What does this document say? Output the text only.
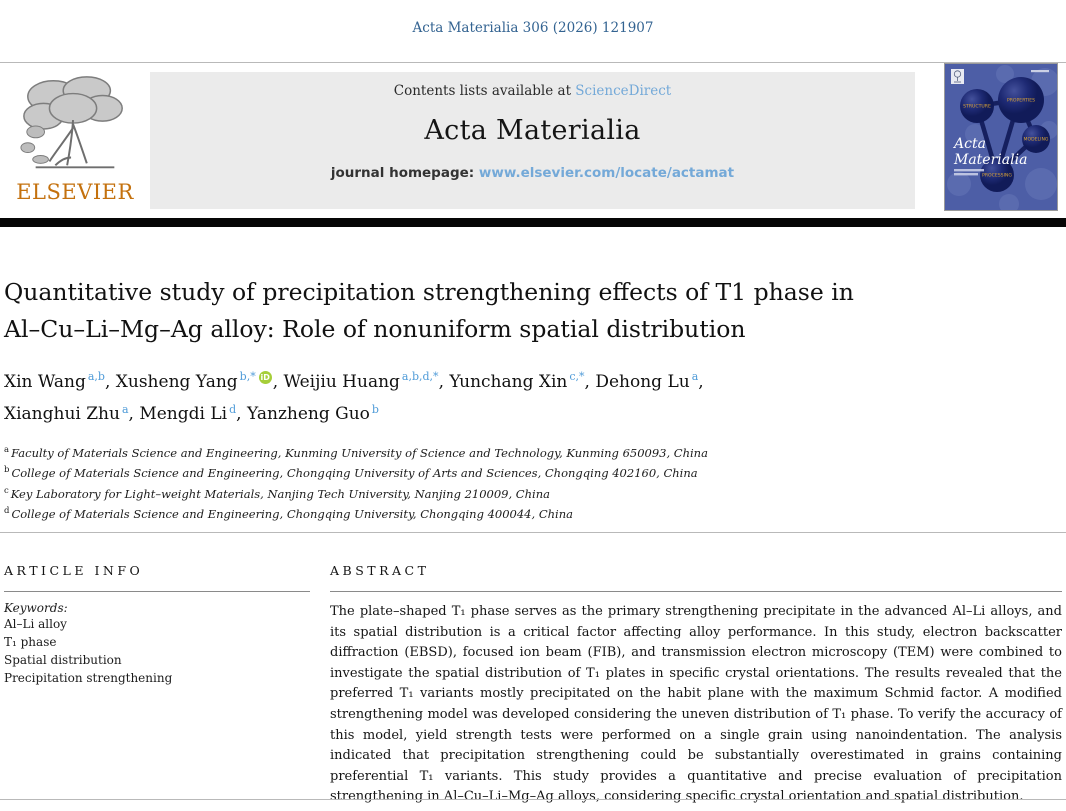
Acta Materialia 306 (2026) 121907
ELSEVIER
Contents lists available at ScienceDirect
Acta Materialia
journal homepage: www.elsevier.com/locate/actamat
STRUCTURE
PROPERTIES
MODELING
PROCESSING
Acta
Materialia
Quantitative study of precipitation strengthening effects of T1 phase in
Al–Cu–Li–Mg–Ag alloy: Role of nonuniform spatial distribution
Xin Wang $^{a,b}$, Xusheng Yang $^{b,*}$ iD , Weijiu Huang $^{a,b,d,*}$, Yunchang Xin $^{c,*}$, Dehong Lu $^a$,
Xianghui Zhu $^a$, Mengdi Li $^d$, Yanzheng Guo $^b$
$^a$ Faculty of Materials Science and Engineering, Kunming University of Science and Technology, Kunming 650093, China
$^b$ College of Materials Science and Engineering, Chongqing University of Arts and Sciences, Chongqing 402160, China
$^c$ Key Laboratory for Light–weight Materials, Nanjing Tech University, Nanjing 210009, China
$^d$ College of Materials Science and Engineering, Chongqing University, Chongqing 400044, China
ARTICLE INFO
Keywords:
Al–Li alloy
T₁ phase
Spatial distribution
Precipitation strengthening
ABSTRACT
The plate–shaped T₁ phase serves as the primary strengthening precipitate in the advanced Al–Li alloys, and its spatial distribution is a critical factor affecting alloy performance. In this study, electron backscatter diffraction (EBSD), focused ion beam (FIB), and transmission electron microscopy (TEM) were combined to investigate the spatial distribution of T₁ plates in specific crystal orientations. The results revealed that the preferred T₁ variants mostly precipitated on the habit plane with the maximum Schmid factor. A modified strengthening model was developed considering the uneven distribution of T₁ phase. To verify the accuracy of this model, yield strength tests were performed on a single grain using nanoindentation. The analysis indicated that precipitation strengthening could be substantially overestimated in grains containing preferential T₁ variants. This study provides a quantitative and precise evaluation of precipitation strengthening in Al–Cu–Li–Mg–Ag alloys, considering specific crystal orientation and spatial distribution.
